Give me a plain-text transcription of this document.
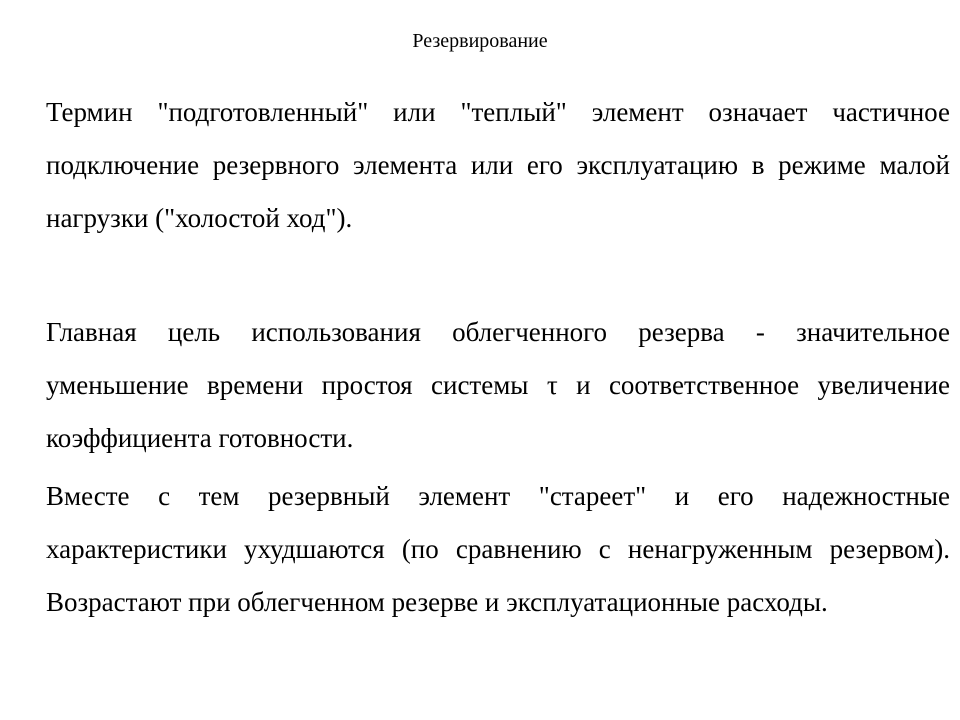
Резервирование

Термин "подготовленный" или "теплый" элемент означает частичное подключение резервного элемента или его эксплуатацию в режиме малой нагрузки ("холостой ход").

Главная цель использования облегченного резерва - значительное уменьшение времени простоя системы τ и соответственное увеличение коэффициента готовности.

Вместе с тем резервный элемент "стареет" и его надежностные характеристики ухудшаются (по сравнению с ненагруженным резервом). Возрастают при облегченном резерве и эксплуатационные расходы.
